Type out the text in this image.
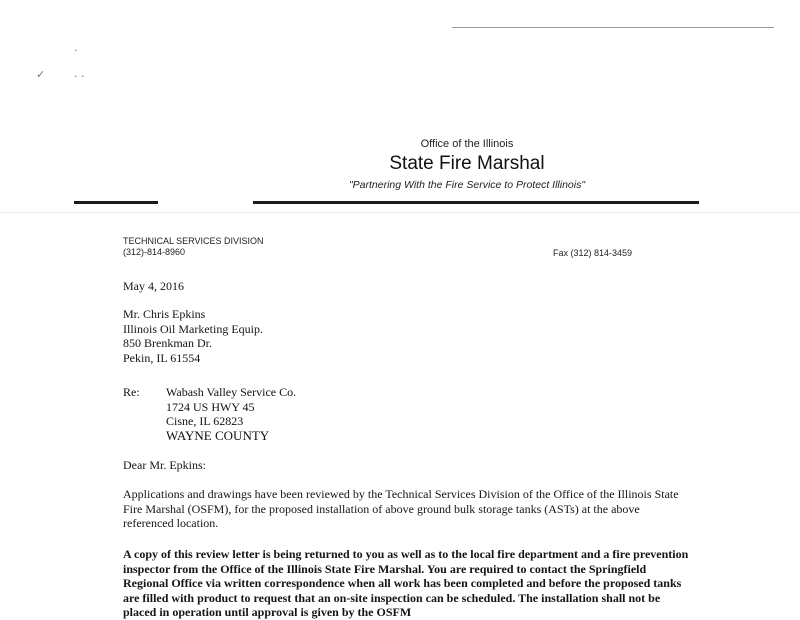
·
✓	· ·
Office of the Illinois
State Fire Marshal
"Partnering With the Fire Service to Protect Illinois"
TECHNICAL SERVICES DIVISION
(312)-814-8960	Fax (312) 814-3459
May 4, 2016
Mr. Chris Epkins
Illinois Oil Marketing Equip.
850 Brenkman Dr.
Pekin, IL 61554
Re: Wabash Valley Service Co.
1724 US HWY 45
Cisne, IL 62823
WAYNE COUNTY
Dear Mr. Epkins:
Applications and drawings have been reviewed by the Technical Services Division of the Office of the Illinois State Fire Marshal (OSFM), for the proposed installation of above ground bulk storage tanks (ASTs) at the above referenced location.
A copy of this review letter is being returned to you as well as to the local fire department and a fire prevention inspector from the Office of the Illinois State Fire Marshal. You are required to contact the Springfield Regional Office via written correspondence when all work has been completed and before the proposed tanks are filled with product to request that an on-site inspection can be scheduled. The installation shall not be placed in operation until approval is given by the OSFM
